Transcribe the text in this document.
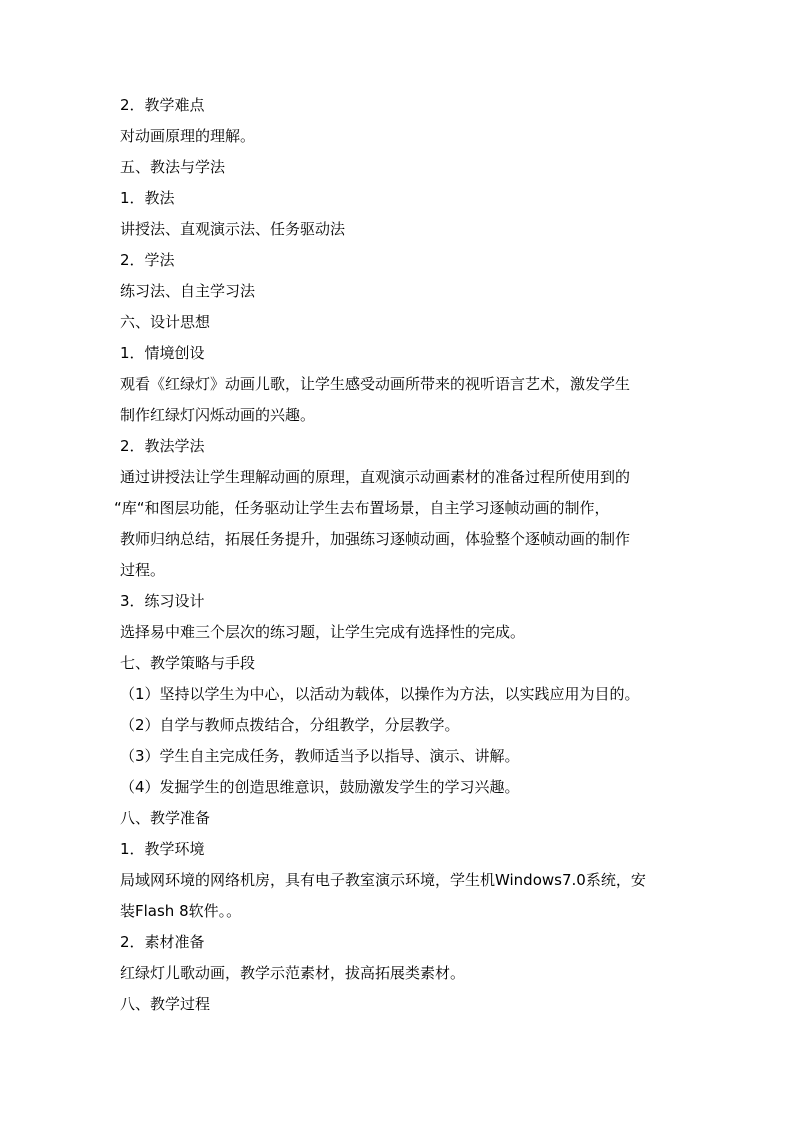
2．教学难点
对动画原理的理解。
五、教法与学法
1．教法
讲授法、直观演示法、任务驱动法
2．学法
练习法、自主学习法
六、设计思想
1．情境创设
观看《红绿灯》动画儿歌，让学生感受动画所带来的视听语言艺术，激发学生
制作红绿灯闪烁动画的兴趣。
2．教法学法
通过讲授法让学生理解动画的原理，直观演示动画素材的准备过程所使用到的
“库“和图层功能，任务驱动让学生去布置场景，自主学习逐帧动画的制作，
教师归纳总结，拓展任务提升，加强练习逐帧动画，体验整个逐帧动画的制作
过程。
3．练习设计
选择易中难三个层次的练习题，让学生完成有选择性的完成。
七、教学策略与手段
（1）坚持以学生为中心，以活动为载体，以操作为方法，以实践应用为目的。
（2）自学与教师点拨结合，分组教学，分层教学。
（3）学生自主完成任务，教师适当予以指导、演示、讲解。
（4）发掘学生的创造思维意识，鼓励激发学生的学习兴趣。
八、教学准备
1．教学环境
局域网环境的网络机房，具有电子教室演示环境，学生机Windows7.0系统，安
装Flash 8软件。。
2．素材准备
红绿灯儿歌动画，教学示范素材，拔高拓展类素材。
八、教学过程
